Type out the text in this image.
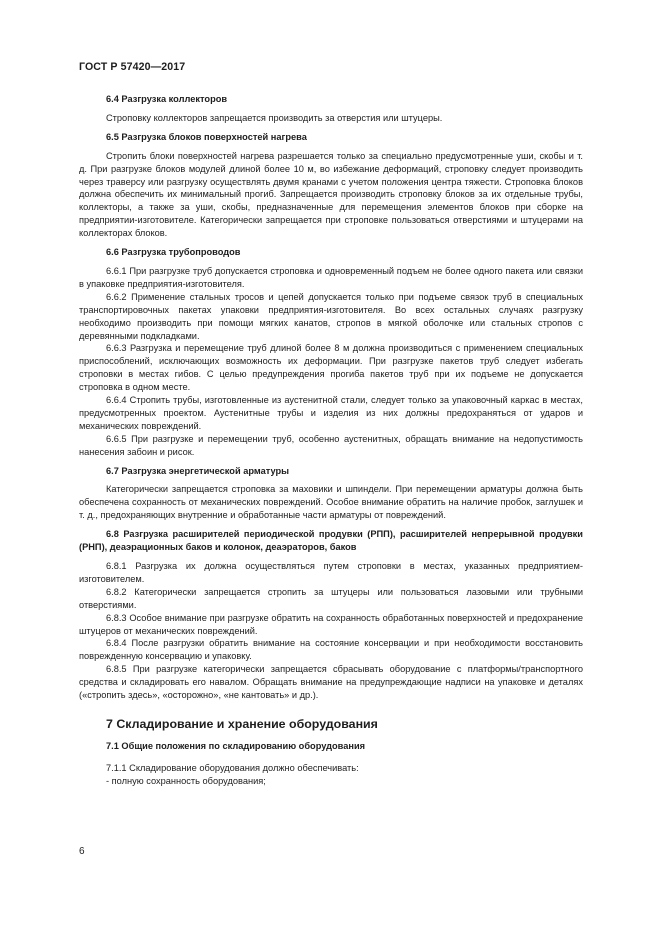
ГОСТ Р 57420—2017
6.4 Разгрузка коллекторов

Строповку коллекторов запрещается производить за отверстия или штуцеры.

6.5 Разгрузка блоков поверхностей нагрева

Стропить блоки поверхностей нагрева разрешается только за специально предусмотренные уши, скобы и т. д. При разгрузке блоков модулей длиной более 10 м, во избежание деформаций, строповку следует производить через траверсу или разгрузку осуществлять двумя кранами с учетом положения центра тяжести. Строповка блоков должна обеспечить их минимальный прогиб. Запрещается производить строповку блоков за их отдельные трубы, коллекторы, а также за уши, скобы, предназначенные для перемещения элементов блоков при сборке на предприятии-изготовителе. Категорически запрещается при строповке пользоваться отверстиями и штуцерами на коллекторах блоков.

6.6 Разгрузка трубопроводов

6.6.1 При разгрузке труб допускается строповка и одновременный подъем не более одного пакета или связки в упаковке предприятия-изготовителя.

6.6.2 Применение стальных тросов и цепей допускается только при подъеме связок труб в специальных транспортировочных пакетах упаковки предприятия-изготовителя. Во всех остальных случаях разгрузку необходимо производить при помощи мягких канатов, стропов в мягкой оболочке или стальных стропов с деревянными подкладками.

6.6.3 Разгрузка и перемещение труб длиной более 8 м должна производиться с применением специальных приспособлений, исключающих возможность их деформации. При разгрузке пакетов труб следует избегать строповки в местах гибов. С целью предупреждения прогиба пакетов труб при их подъеме не допускается строповка в одном месте.

6.6.4 Стропить трубы, изготовленные из аустенитной стали, следует только за упаковочный каркас в местах, предусмотренных проектом. Аустенитные трубы и изделия из них должны предохраняться от ударов и механических повреждений.

6.6.5 При разгрузке и перемещении труб, особенно аустенитных, обращать внимание на недопустимость нанесения забоин и рисок.

6.7 Разгрузка энергетической арматуры

Категорически запрещается строповка за маховики и шпиндели. При перемещении арматуры должна быть обеспечена сохранность от механических повреждений. Особое внимание обратить на наличие пробок, заглушек и т. д., предохраняющих внутренние и обработанные части арматуры от повреждений.

6.8 Разгрузка расширителей периодической продувки (РПП), расширителей непрерывной продувки (РНП), деаэрационных баков и колонок, деаэраторов, баков

6.8.1 Разгрузка их должна осуществляться путем строповки в местах, указанных предприятием-изготовителем.

6.8.2 Категорически запрещается стропить за штуцеры или пользоваться лазовыми или трубными отверстиями.

6.8.3 Особое внимание при разгрузке обратить на сохранность обработанных поверхностей и предохранение штуцеров от механических повреждений.

6.8.4 После разгрузки обратить внимание на состояние консервации и при необходимости восстановить поврежденную консервацию и упаковку.

6.8.5 При разгрузке категорически запрещается сбрасывать оборудование с платформы/транспортного средства и складировать его навалом. Обращать внимание на предупреждающие надписи на упаковке и деталях («стропить здесь», «осторожно», «не кантовать» и др.).

7 Складирование и хранение оборудования
7.1 Общие положения по складированию оборудования

7.1.1 Складирование оборудования должно обеспечивать:

- полную сохранность оборудования;
6
